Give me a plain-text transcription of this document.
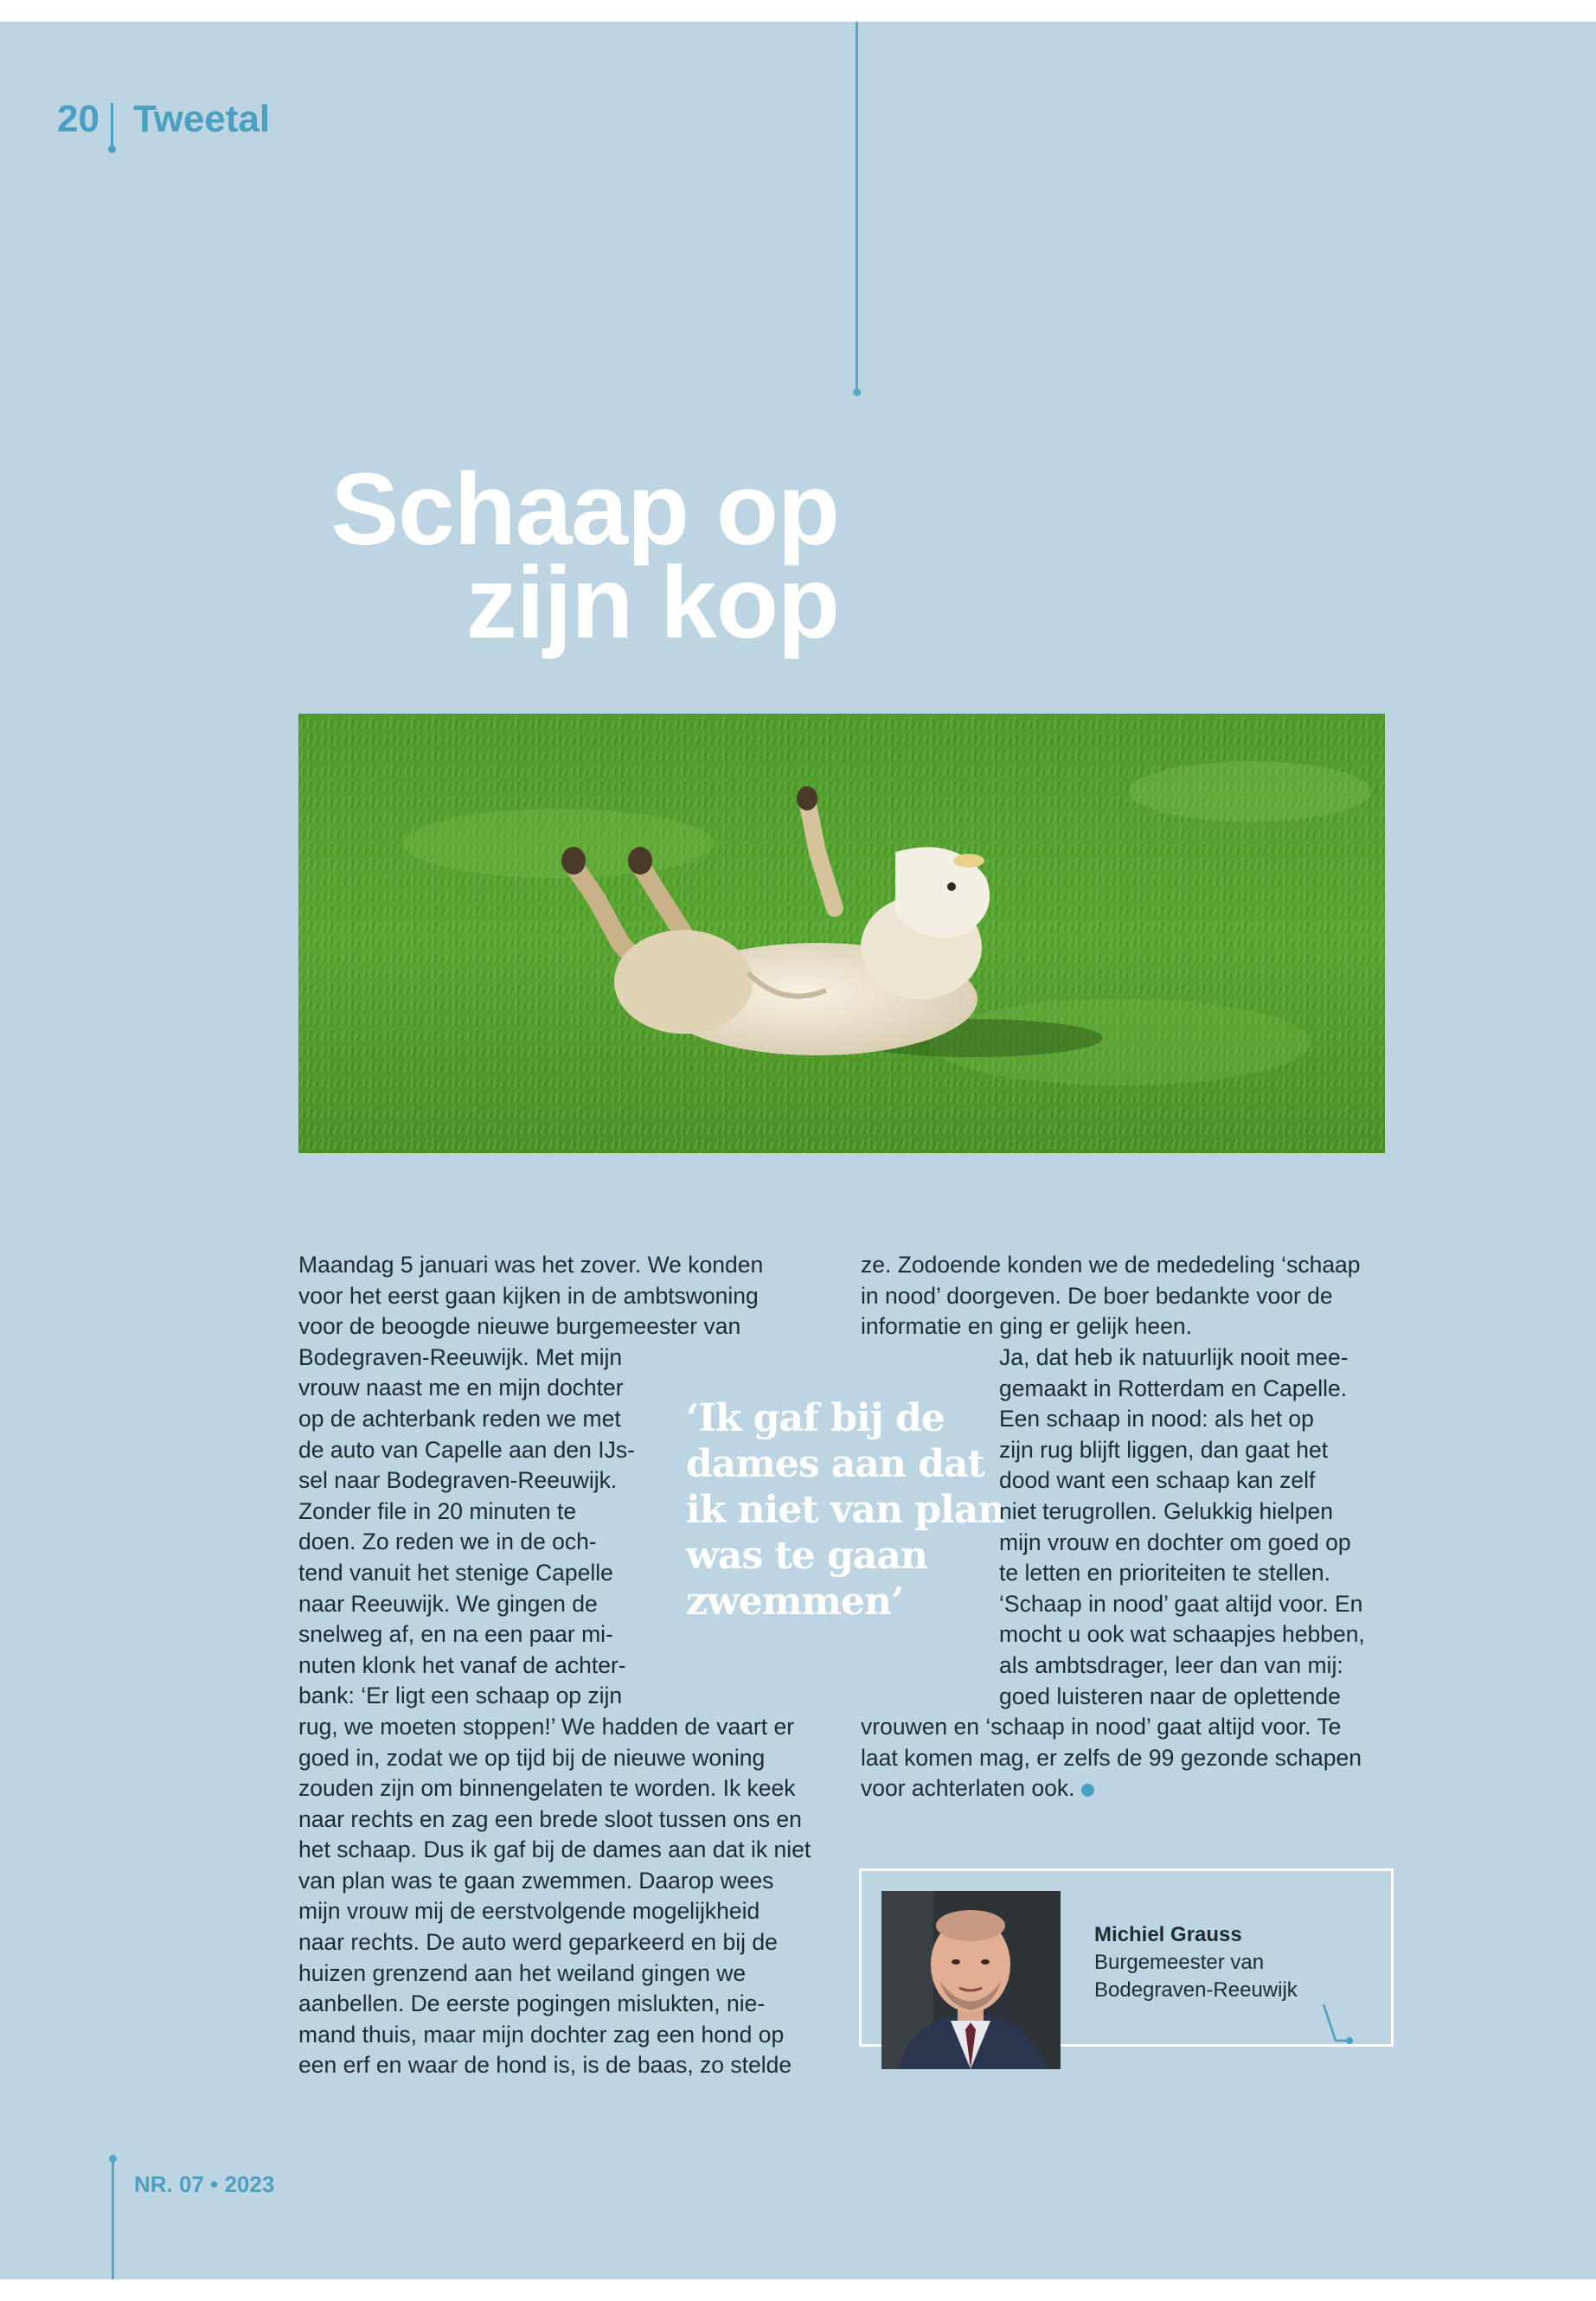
20 Tweetal
Schaap op
zijn kop
Maandag 5 januari was het zover. We konden
voor het eerst gaan kijken in de ambtswoning
voor de beoogde nieuwe burgemeester van
Bodegraven-Reeuwijk. Met mijn
vrouw naast me en mijn dochter
op de achterbank reden we met
de auto van Capelle aan den IJs-
sel naar Bodegraven-Reeuwijk.
Zonder file in 20 minuten te
doen. Zo reden we in de och-
tend vanuit het stenige Capelle
naar Reeuwijk. We gingen de
snelweg af, en na een paar mi-
nuten klonk het vanaf de achter-
bank: ‘Er ligt een schaap op zijn
rug, we moeten stoppen!’ We hadden de vaart er
goed in, zodat we op tijd bij de nieuwe woning
zouden zijn om binnengelaten te worden. Ik keek
naar rechts en zag een brede sloot tussen ons en
het schaap. Dus ik gaf bij de dames aan dat ik niet
van plan was te gaan zwemmen. Daarop wees
mijn vrouw mij de eerstvolgende mogelijkheid
naar rechts. De auto werd geparkeerd en bij de
huizen grenzend aan het weiland gingen we
aanbellen. De eerste pogingen mislukten, nie-
mand thuis, maar mijn dochter zag een hond op
een erf en waar de hond is, is de baas, zo stelde
‘Ik gaf bij de
dames aan dat
ik niet van plan
was te gaan
zwemmen’
ze. Zodoende konden we de mededeling ‘schaap
in nood’ doorgeven. De boer bedankte voor de
informatie en ging er gelijk heen.
Ja, dat heb ik natuurlijk nooit mee-
gemaakt in Rotterdam en Capelle.
Een schaap in nood: als het op
zijn rug blijft liggen, dan gaat het
dood want een schaap kan zelf
niet terugrollen. Gelukkig hielpen
mijn vrouw en dochter om goed op
te letten en prioriteiten te stellen.
‘Schaap in nood’ gaat altijd voor. En
mocht u ook wat schaapjes hebben,
als ambtsdrager, leer dan van mij:
goed luisteren naar de oplettende
vrouwen en ‘schaap in nood’ gaat altijd voor. Te
laat komen mag, er zelfs de 99 gezonde schapen
voor achterlaten ook.
Michiel Grauss
Burgemeester van
Bodegraven-Reeuwijk
NR. 07 • 2023
